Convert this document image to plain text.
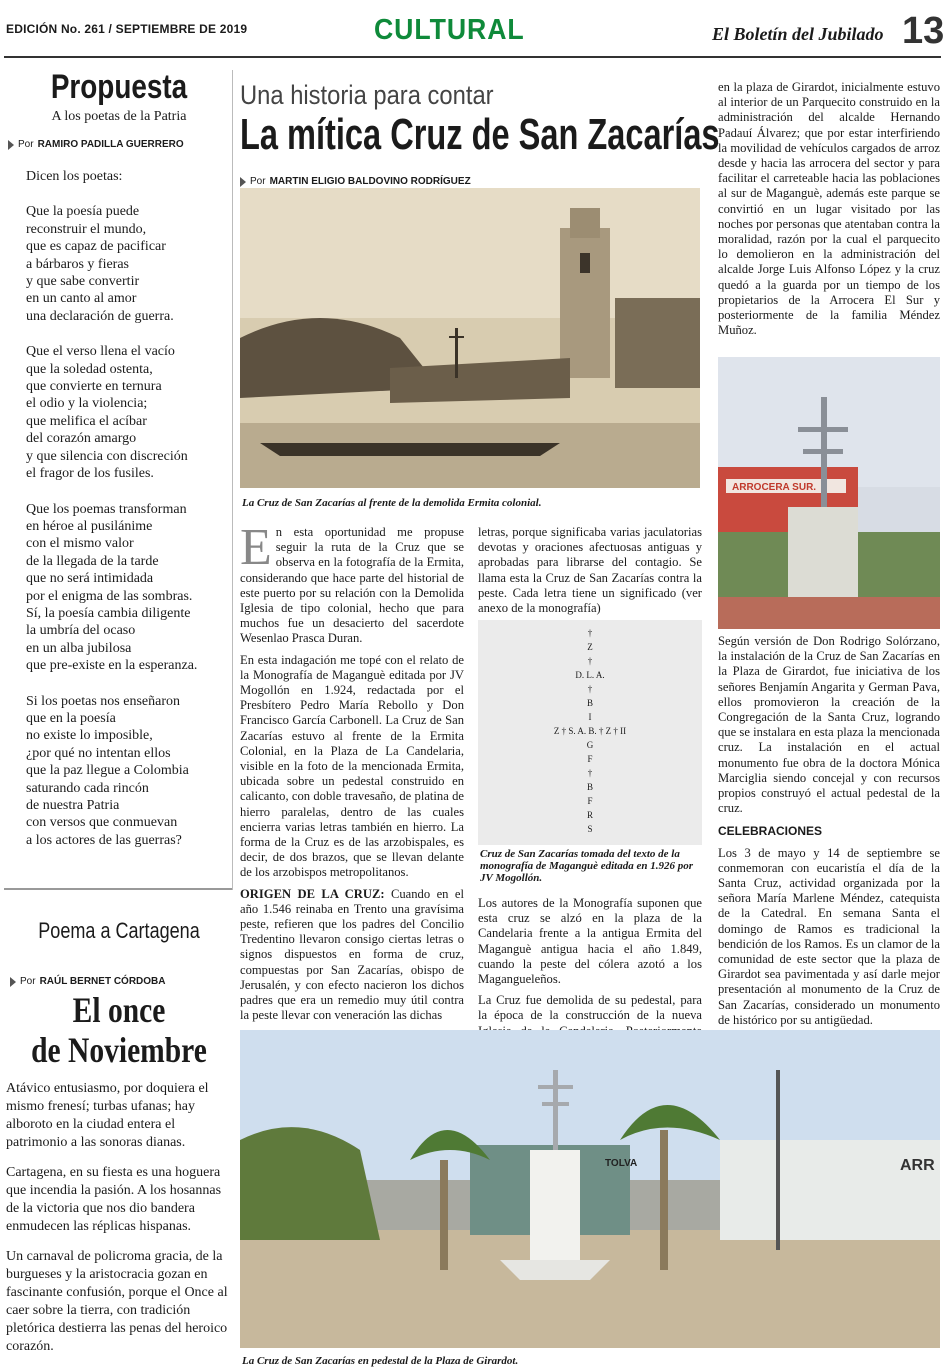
EDICIÓN No. 261 / SEPTIEMBRE DE 2019	CULTURAL	El Boletín del Jubilado 13
Propuesta
A los poetas de la Patria
Por RAMIRO PADILLA GUERRERO

Dicen los poetas:

Que la poesía puede
reconstruir el mundo,
que es capaz de pacificar
a bárbaros y fieras
y que sabe convertir
en un canto al amor
una declaración de guerra.

Que el verso llena el vacío
que la soledad ostenta,
que convierte en ternura
el odio y la violencia;
que melifica el acíbar
del corazón amargo
y que silencia con discreción
el fragor de los fusiles.

Que los poemas transforman
en héroe al pusilánime
con el mismo valor
de la llegada de la tarde
que no será intimidada
por el enigma de las sombras.
Sí, la poesía cambia diligente
la umbría del ocaso
en un alba jubilosa
que pre-existe en la esperanza.

Si los poetas nos enseñaron
que en la poesía
no existe lo imposible,
¿por qué no intentan ellos
que la paz llegue a Colombia
saturando cada rincón
de nuestra Patria
con versos que conmuevan
a los actores de las guerras?

Poema a Cartagena
Por RAÚL BERNET CÓRDOBA
El once
de Noviembre

Atávico entusiasmo, por doquiera el mismo frenesí; turbas ufanas; hay alboroto en la ciudad entera el patrimonio a las sonoras dianas.

Cartagena, en su fiesta es una hoguera que incendia la pasión. A los hosannas de la victoria que nos dio bandera enmudecen las réplicas hispanas.

Un carnaval de policroma gracia, de la burgueses y la aristocracia gozan en fascinante confusión, porque el Once al caer sobre la tierra, con tradición pletórica destierra las penas del heroico corazón.

Una historia para contar
La mítica Cruz de San Zacarías
Por MARTIN ELIGIO BALDOVINO RODRÍGUEZ
La Cruz de San Zacarías al frente de la demolida Ermita colonial.

En esta oportunidad me propuse seguir la ruta de la Cruz que se observa en la fotografía de la Ermita, considerando que hace parte del historial de este puerto por su relación con la Demolida Iglesia de tipo colonial, hecho que para muchos fue un desacierto del sacerdote Wesenlao Prasca Duran.

En esta indagación me topé con el relato de la Monografía de Maganguè editada por JV Mogollón en 1.924, redactada por el Presbítero Pedro María Rebollo y Don Francisco García Carbonell. La Cruz de San Zacarías estuvo al frente de la Ermita Colonial, en la Plaza de La Candelaria, visible en la foto de la mencionada Ermita, ubicada sobre un pedestal construido en calicanto, con doble travesaño, de platina de hierro paralelas, dentro de las cuales encierra varias letras también en hierro. La forma de la Cruz es de las arzobispales, es decir, de dos brazos, que se llevan delante de los arzobispos metropolitanos.

ORIGEN DE LA CRUZ: Cuando en el año 1.546 reinaba en Trento una gravísima peste, refieren que los padres del Concilio Tredentino llevaron consigo ciertas letras o signos dispuestos en forma de cruz, compuestas por San Zacarías, obispo de Jerusalén, y con efecto nacieron los dichos padres que era un remedio muy útil contra la peste llevar con veneración las dichas

letras, porque significaba varias jaculatorias devotas y oraciones afectuosas antiguas y aprobadas para librarse del contagio. Se llama esta la Cruz de San Zacarías contra la peste. Cada letra tiene un significado (ver anexo de la monografía)
†
Z
†
D. L. A.
†
B
I
Z † S. A. B. † Z † II
G
F
†
B
F
R
S
Cruz de San Zacarías tomada del texto de la monografía de Maganguè editada en 1.926 por JV Mogollón.

Los autores de la Monografía suponen que esta cruz se alzó en la plaza de la Candelaria frente a la antigua Ermita del Maganguè antigua hacia el año 1.849, cuando la peste del cólera azotó a los Magangueleños.

La Cruz fue demolida de su pedestal, para la época de la construcción de la nueva

en la plaza de Girardot, inicialmente estuvo al interior de un Parquecito construido en la administración del alcalde Hernando Padauí Álvarez; que por estar interfiriendo la movilidad de vehículos cargados de arroz desde y hacia las arrocera del sector y para facilitar el carreteable hacia las poblaciones al sur de Maganguè, además este parque se convirtió en un lugar visitado por las noches por personas que atentaban contra la moralidad, razón por la cual el parquecito lo demolieron en la administración del alcalde Jorge Luis Alfonso López y la cruz quedó a la guarda por un tiempo de los propietarios de la Arrocera El Sur y posteriormente de la familia Méndez Muñoz.
ARROCERA SUR.

Según versión de Don Rodrigo Solórzano, la instalación de la Cruz de San Zacarías en la Plaza de Girardot, fue iniciativa de los señores Benjamín Angarita y German Pava, ellos promovieron la creación de la Congregación de la Santa Cruz, logrando que se instalara en esta plaza la mencionada cruz. La instalación en el actual monumento fue obra de la doctora Mónica Marciglia siendo concejal y con recursos propios construyó el actual pedestal de la cruz.

CELEBRACIONES

Los 3 de mayo y 14 de septiembre se conmemoran con eucaristía el día de la Santa Cruz, actividad organizada por la señora María Marlene Méndez, catequista de la Catedral. En semana Santa el domingo de Ramos es tradicional la bendición de los Ramos. Es un clamor de la comunidad de este sector que la plaza de Girardot sea pavimentada y así darle mejor presentación al monumento de la Cruz de San Zacarías, considerado un monumento de histórico por su antigüedad.

TOLVA	ARR
La Cruz de San Zacarías en pedestal de la Plaza de Girardot.
